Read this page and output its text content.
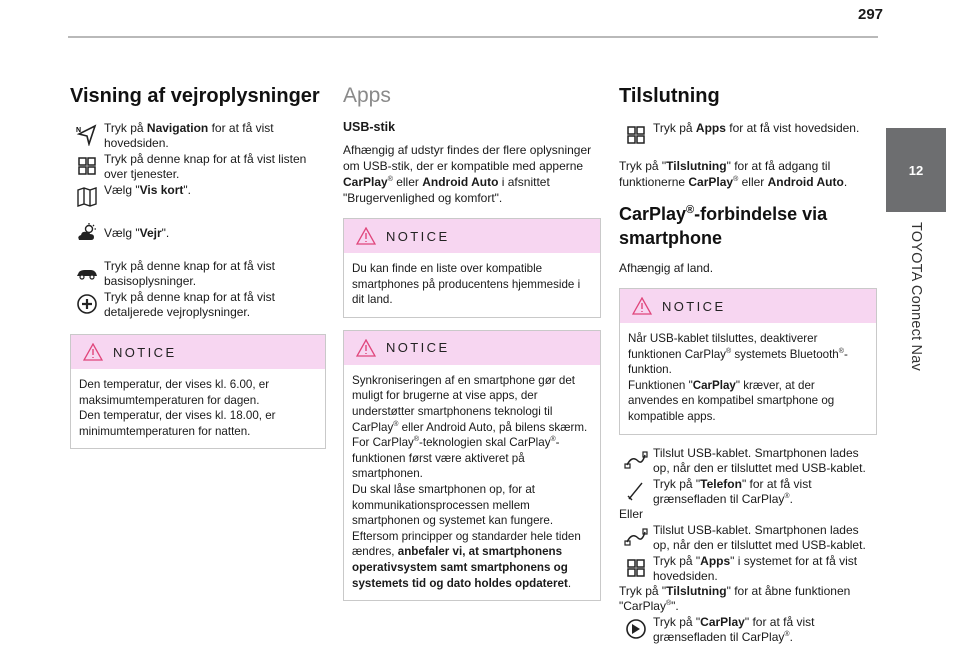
297
12
TOYOTA Connect Nav
Visning af vejroplysninger
N Tryk på Navigation for at få vist hovedsiden.
Tryk på denne knap for at få vist listen over tjenester.
Vælg "Vis kort".
Vælg "Vejr".
Tryk på denne knap for at få vist basisoplysninger.
Tryk på denne knap for at få vist detaljerede vejroplysninger.
NOTICE

Den temperatur, der vises kl. 6.00, er maksimumtemperaturen for dagen.

Den temperatur, der vises kl. 18.00, er minimumtemperaturen for natten.

Apps
USB-stik

Afhængig af udstyr findes der flere oplysninger om USB-stik, der er kompatible med apperne CarPlay® eller Android Auto i afsnittet "Brugervenlighed og komfort".

NOTICE
Du kan finde en liste over kompatible smartphones på producentens hjemmeside i dit land.
NOTICE
Synkroniseringen af en smartphone gør det muligt for brugerne at vise apps, der understøtter smartphonens teknologi til CarPlay® eller Android Auto, på bilens skærm.
For CarPlay®-teknologien skal CarPlay®-funktionen først være aktiveret på smartphonen.
Du skal låse smartphonen op, for at kommunikationsprocessen mellem smartphonen og systemet kan fungere.
Eftersom principper og standarder hele tiden ændres, anbefaler vi, at smartphonens operativsystem samt smartphonens og systemets tid og dato holdes opdateret.
Tilslutning
Tryk på Apps for at få vist hovedsiden.

Tryk på "Tilslutning" for at få adgang til funktionerne CarPlay® eller Android Auto.

CarPlay®-forbindelse via smartphone

Afhængig af land.

NOTICE
Når USB-kablet tilsluttes, deaktiverer funktionen CarPlay® systemets Bluetooth®-funktion.
Funktionen "CarPlay" kræver, at der anvendes en kompatibel smartphone og kompatible apps.
Tilslut USB-kablet. Smartphonen lades op, når den er tilsluttet med USB-kablet.
Tryk på "Telefon" for at få vist grænsefladen til CarPlay®.
Eller
Tilslut USB-kablet. Smartphonen lades op, når den er tilsluttet med USB-kablet.
Tryk på "Apps" i systemet for at få vist hovedsiden.

Tryk på "Tilslutning" for at åbne funktionen "CarPlay®".

Tryk på "CarPlay" for at få vist grænsefladen til CarPlay®.
